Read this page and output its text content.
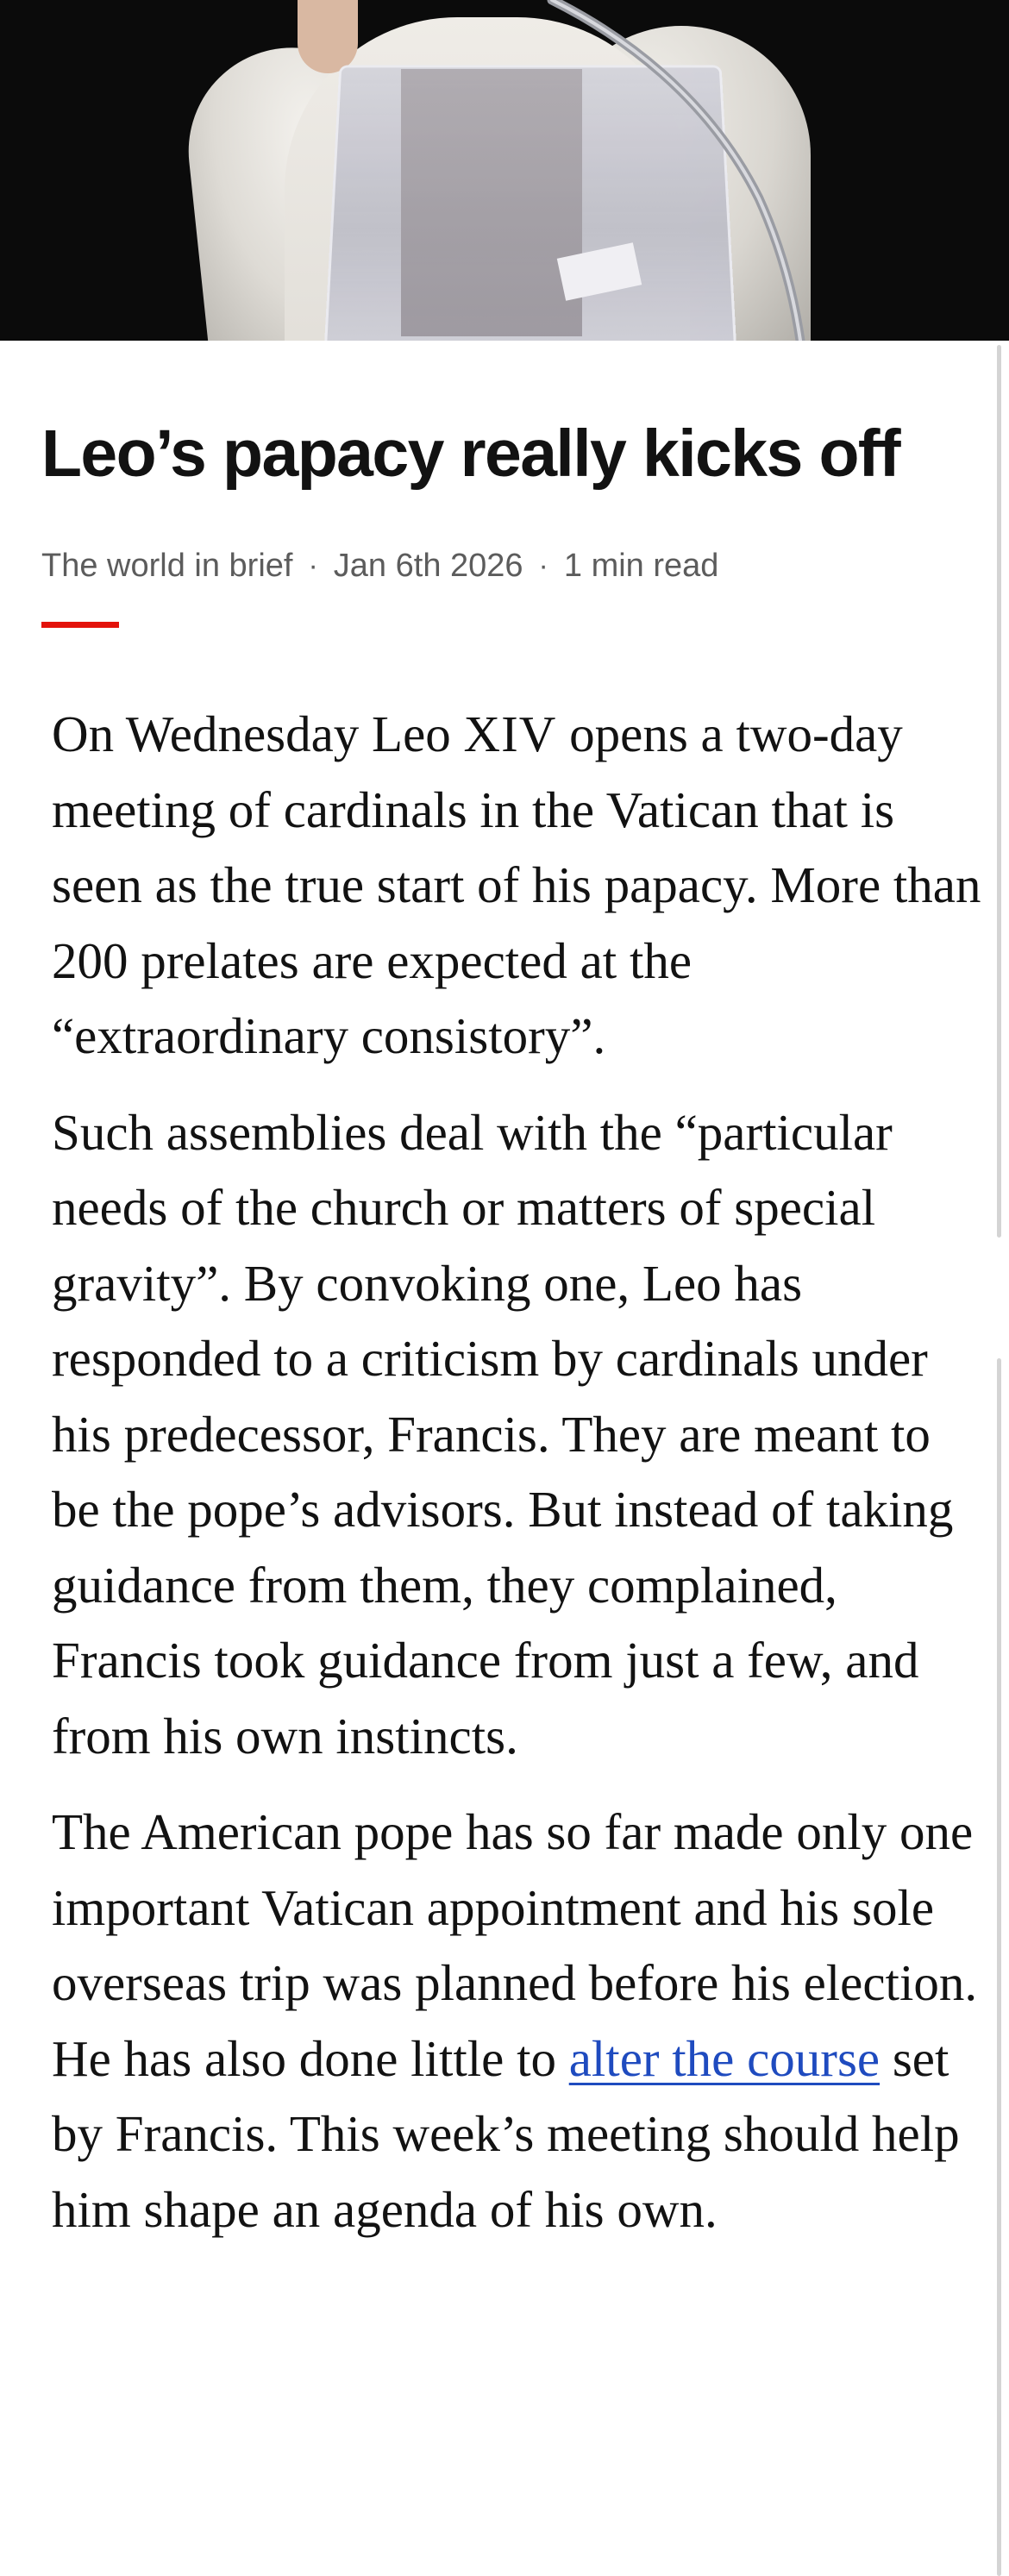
Leo’s papacy really kicks off
The world in brief · Jan 6th 2026 · 1 min read

On Wednesday Leo XIV opens a two-day meeting of cardinals in the Vatican that is seen as the true start of his papacy. More than 200 prelates are expected at the “extraordinary consistory”.

Such assemblies deal with the “particular needs of the church or matters of special gravity”. By convoking one, Leo has responded to a criticism by cardinals under his predecessor, Francis. They are meant to be the pope’s advisors. But instead of taking guidance from them, they complained, Francis took guidance from just a few, and from his own instincts.

The American pope has so far made only one important Vatican appointment and his sole overseas trip was planned before his election. He has also done little to alter the course set by Francis. This week’s meeting should help him shape an agenda of his own.
